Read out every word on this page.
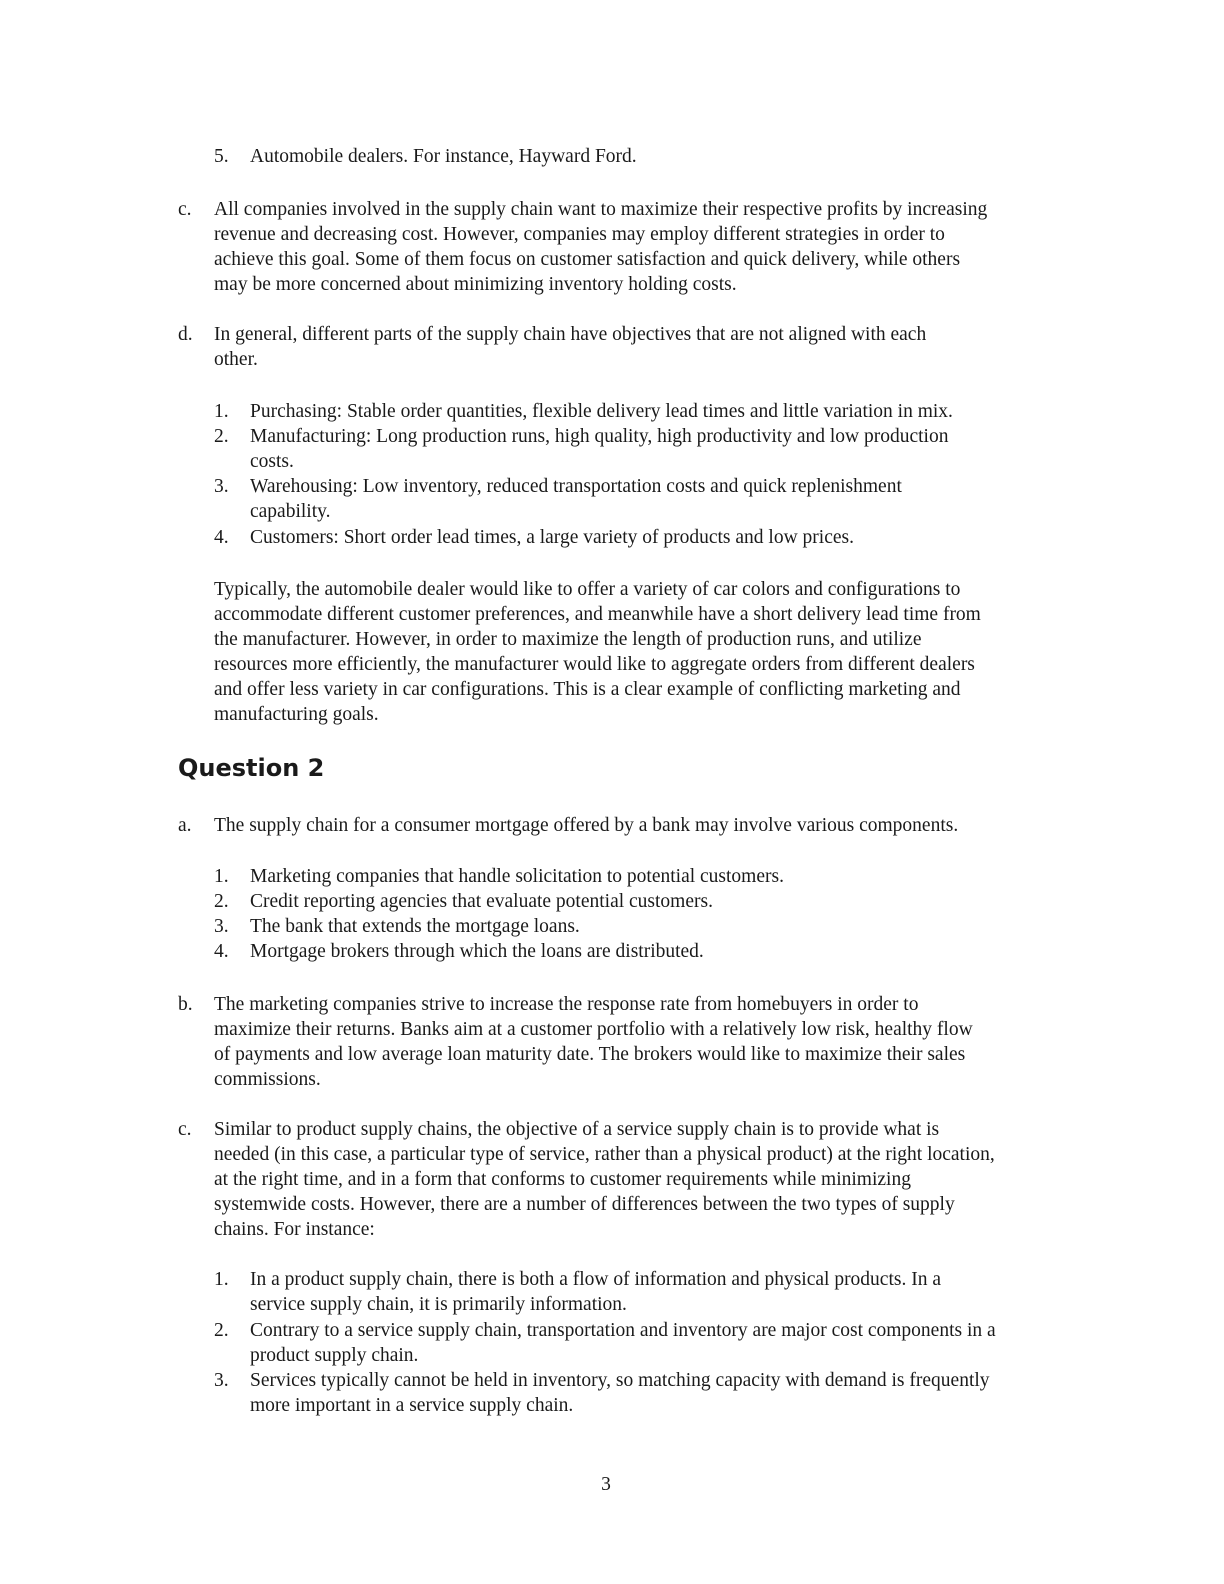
5. Automobile dealers. For instance, Hayward Ford.
c. All companies involved in the supply chain want to maximize their respective profits by increasing
revenue and decreasing cost. However, companies may employ different strategies in order to
achieve this goal. Some of them focus on customer satisfaction and quick delivery, while others
may be more concerned about minimizing inventory holding costs.
d. In general, different parts of the supply chain have objectives that are not aligned with each
other.
1. Purchasing: Stable order quantities, flexible delivery lead times and little variation in mix.
2. Manufacturing: Long production runs, high quality, high productivity and low production
costs.
3. Warehousing: Low inventory, reduced transportation costs and quick replenishment
capability.
4. Customers: Short order lead times, a large variety of products and low prices.
Typically, the automobile dealer would like to offer a variety of car colors and configurations to
accommodate different customer preferences, and meanwhile have a short delivery lead time from
the manufacturer. However, in order to maximize the length of production runs, and utilize
resources more efficiently, the manufacturer would like to aggregate orders from different dealers
and offer less variety in car configurations. This is a clear example of conflicting marketing and
manufacturing goals.
Question 2
a. The supply chain for a consumer mortgage offered by a bank may involve various components.
1. Marketing companies that handle solicitation to potential customers.
2. Credit reporting agencies that evaluate potential customers.
3. The bank that extends the mortgage loans.
4. Mortgage brokers through which the loans are distributed.
b. The marketing companies strive to increase the response rate from homebuyers in order to
maximize their returns. Banks aim at a customer portfolio with a relatively low risk, healthy flow
of payments and low average loan maturity date. The brokers would like to maximize their sales
commissions.
c. Similar to product supply chains, the objective of a service supply chain is to provide what is
needed (in this case, a particular type of service, rather than a physical product) at the right location,
at the right time, and in a form that conforms to customer requirements while minimizing
systemwide costs. However, there are a number of differences between the two types of supply
chains. For instance:
1. In a product supply chain, there is both a flow of information and physical products. In a
service supply chain, it is primarily information.
2. Contrary to a service supply chain, transportation and inventory are major cost components in a
product supply chain.
3. Services typically cannot be held in inventory, so matching capacity with demand is frequently
more important in a service supply chain.
3
